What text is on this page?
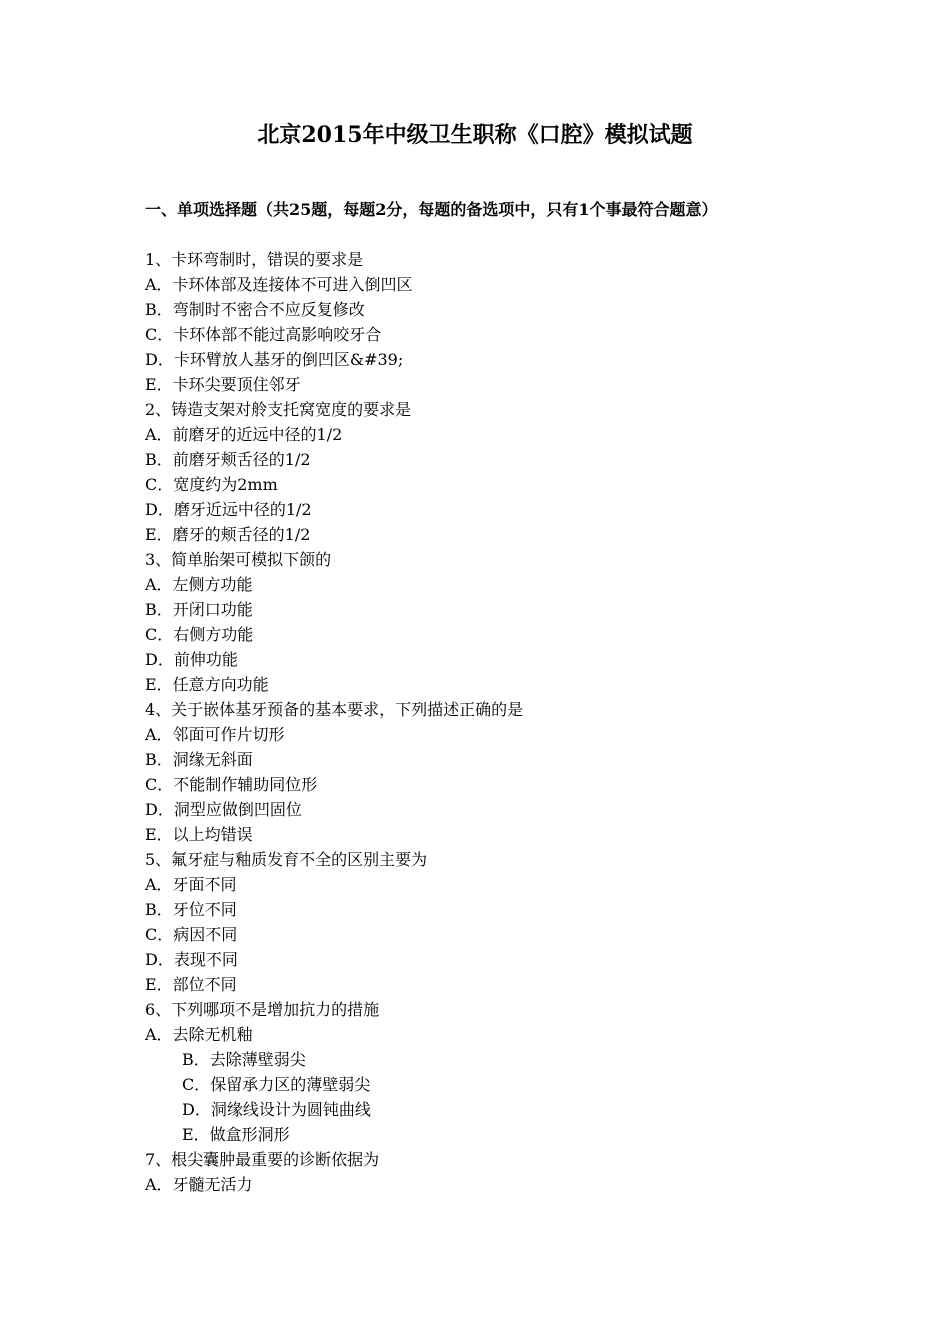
北京2015年中级卫生职称《口腔》模拟试题
一、单项选择题（共25题，每题2分，每题的备选项中，只有1个事最符合题意）
1、卡环弯制时，错误的要求是
A．卡环体部及连接体不可进入倒凹区
B．弯制时不密合不应反复修改
C．卡环体部不能过高影响咬牙合
D．卡环臂放人基牙的倒凹区&#39;
E．卡环尖要顶住邻牙
2、铸造支架对舲支托窝宽度的要求是
A．前磨牙的近远中径的1/2
B．前磨牙颊舌径的1/2
C．宽度约为2mm
D．磨牙近远中径的1/2
E．磨牙的颊舌径的1/2
3、简单胎架可模拟下颌的
A．左侧方功能
B．开闭口功能
C．右侧方功能
D．前伸功能
E．任意方向功能
4、关于嵌体基牙预备的基本要求，下列描述正确的是
A．邻面可作片切形
B．洞缘无斜面
C．不能制作辅助同位形
D．洞型应做倒凹固位
E．以上均错误
5、氟牙症与釉质发育不全的区别主要为
A．牙面不同
B．牙位不同
C．病因不同
D．表现不同
E．部位不同
6、下列哪项不是增加抗力的措施
A．去除无机釉
B．去除薄壁弱尖
C．保留承力区的薄壁弱尖
D．洞缘线设计为圆钝曲线
E．做盒形洞形
7、根尖囊肿最重要的诊断依据为
A．牙髓无活力
